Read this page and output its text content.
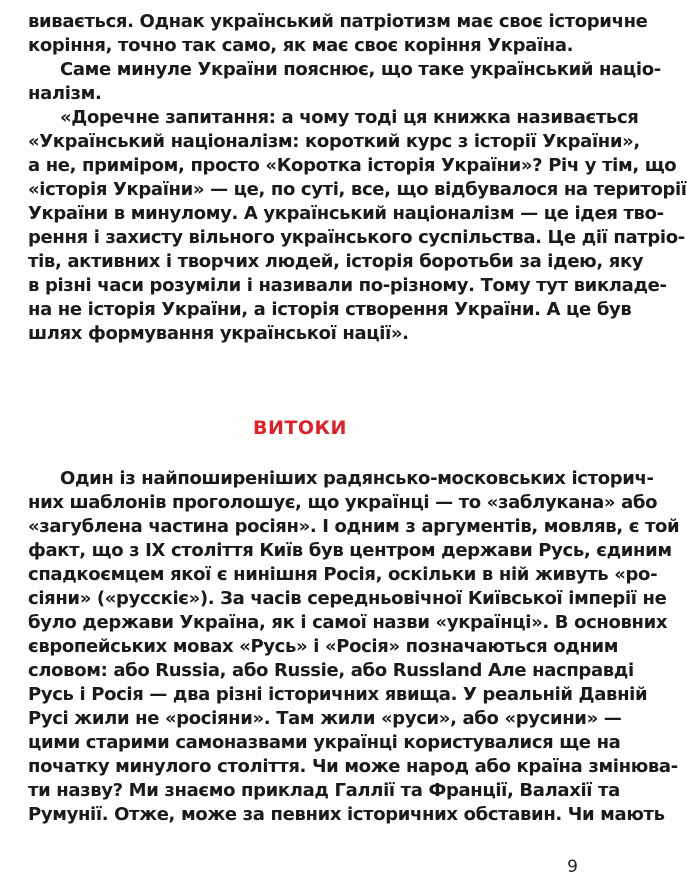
вивається. Однак український патріотизм має своє історичне
коріння, точно так само, як має своє коріння Україна.
Саме минуле України пояснює, що таке український націо-
налізм.
«Доречне запитання: а чому тоді ця книжка називається
«Український націоналізм: короткий курс з історії України»,
а не, приміром, просто «Коротка історія України»? Річ у тім, що
«історія України» — це, по суті, все, що відбувалося на території
України в минулому. А український націоналізм — це ідея тво-
рення і захисту вільного українського суспільства. Це дії патріо-
тів, активних і творчих людей, історія боротьби за ідею, яку
в різні часи розуміли і називали по-різному. Тому тут викладе-
на не історія України, а історія створення України. А це був
шлях формування української нації».
ВИТОКИ
Один із найпоширеніших радянсько-московських історич-
них шаблонів проголошує, що українці — то «заблукана» або
«загублена частина росіян». І одним з аргументів, мовляв, є той
факт, що з ІХ століття Київ був центром держави Русь, єдиним
спадкоємцем якої є нинішня Росія, оскільки в ній живуть «ро-
сіяни» («русскіє»). За часів середньовічної Київської імперії не
було держави Україна, як і самої назви «українці». В основних
європейських мовах «Русь» і «Росія» позначаються одним
словом: або Russia, або Russie, або Russland Але насправді
Русь і Росія — два різні історичних явища. У реальній Давній
Русі жили не «росіяни». Там жили «руси», або «русини» —
цими старими самоназвами українці користувалися ще на
початку минулого століття. Чи може народ або країна змінюва-
ти назву? Ми знаємо приклад Галлії та Франції, Валахії та
Румунії. Отже, може за певних історичних обставин. Чи мають
9
